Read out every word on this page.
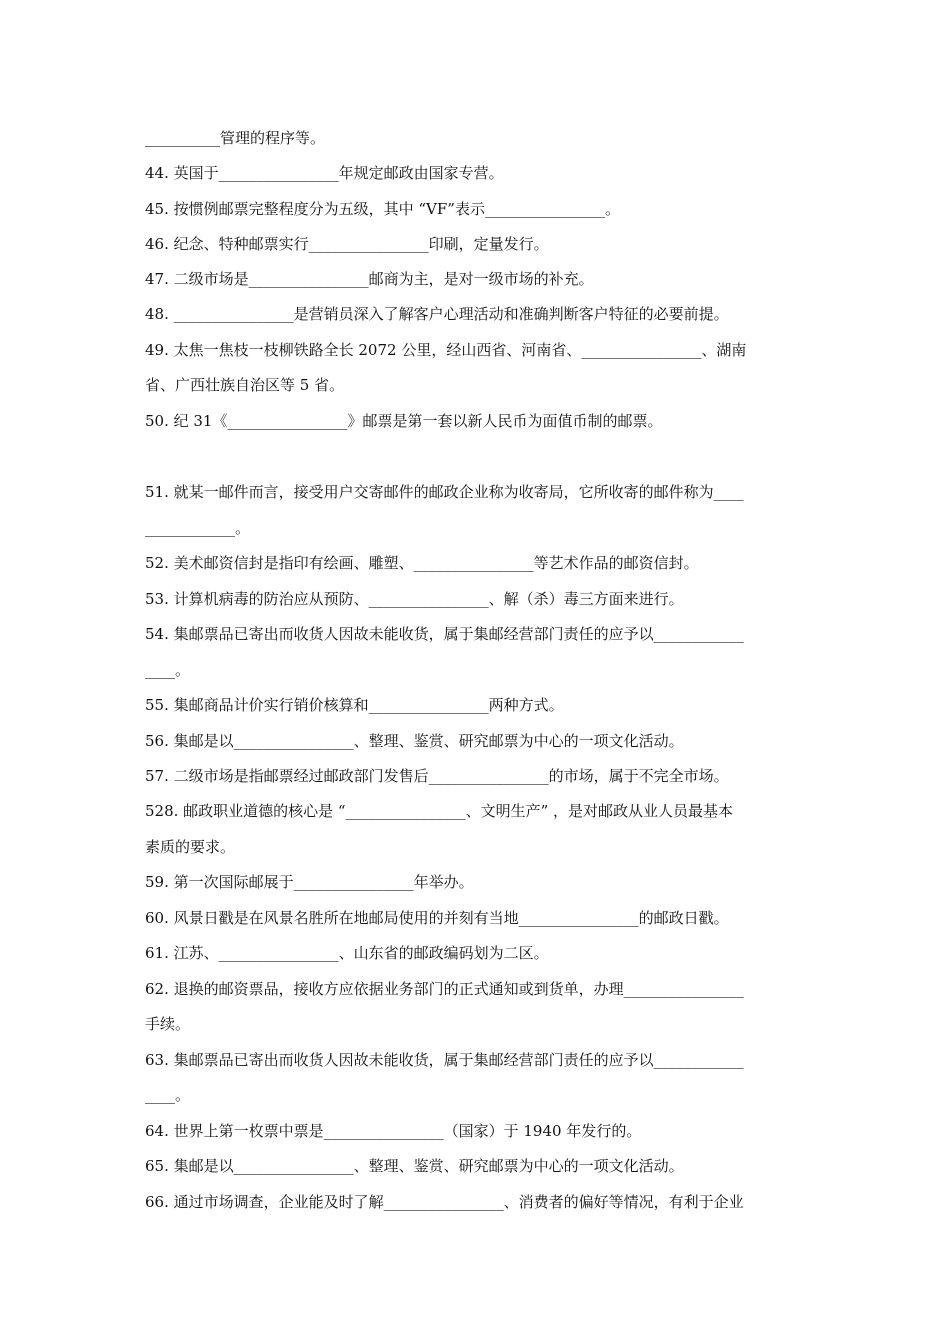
__________管理的程序等。
44. 英国于________________年规定邮政由国家专营。
45. 按惯例邮票完整程度分为五级，其中 “VF”表示________________。
46. 纪念、特种邮票实行________________印刷，定量发行。
47. 二级市场是________________邮商为主，是对一级市场的补充。
48. ________________是营销员深入了解客户心理活动和准确判断客户特征的必要前提。
49. 太焦一焦枝一枝柳铁路全长 2072 公里，经山西省、河南省、________________、湖南
省、广西壮族自治区等 5 省。
50. 纪 31《________________》邮票是第一套以新人民币为面值币制的邮票。
51. 就某一邮件而言，接受用户交寄邮件的邮政企业称为收寄局，它所收寄的邮件称为____
____________。
52. 美术邮资信封是指印有绘画、雕塑、________________等艺术作品的邮资信封。
53. 计算机病毒的防治应从预防、________________、解（杀）毒三方面来进行。
54. 集邮票品已寄出而收货人因故未能收货，属于集邮经营部门责任的应予以____________
____。
55. 集邮商品计价实行销价核算和________________两种方式。
56. 集邮是以________________、整理、鉴赏、研究邮票为中心的一项文化活动。
57. 二级市场是指邮票经过邮政部门发售后________________的市场，属于不完全市场。
528. 邮政职业道德的核心是 “________________、文明生产” ，是对邮政从业人员最基本
素质的要求。
59. 第一次国际邮展于________________年举办。
60. 风景日戳是在风景名胜所在地邮局使用的并刻有当地________________的邮政日戳。
61. 江苏、________________、山东省的邮政编码划为二区。
62. 退换的邮资票品，接收方应依据业务部门的正式通知或到货单，办理________________
手续。
63. 集邮票品已寄出而收货人因故未能收货，属于集邮经营部门责任的应予以____________
____。
64. 世界上第一枚票中票是________________（国家）于 1940 年发行的。
65. 集邮是以________________、整理、鉴赏、研究邮票为中心的一项文化活动。
66. 通过市场调查，企业能及时了解________________、消费者的偏好等情况，有利于企业
